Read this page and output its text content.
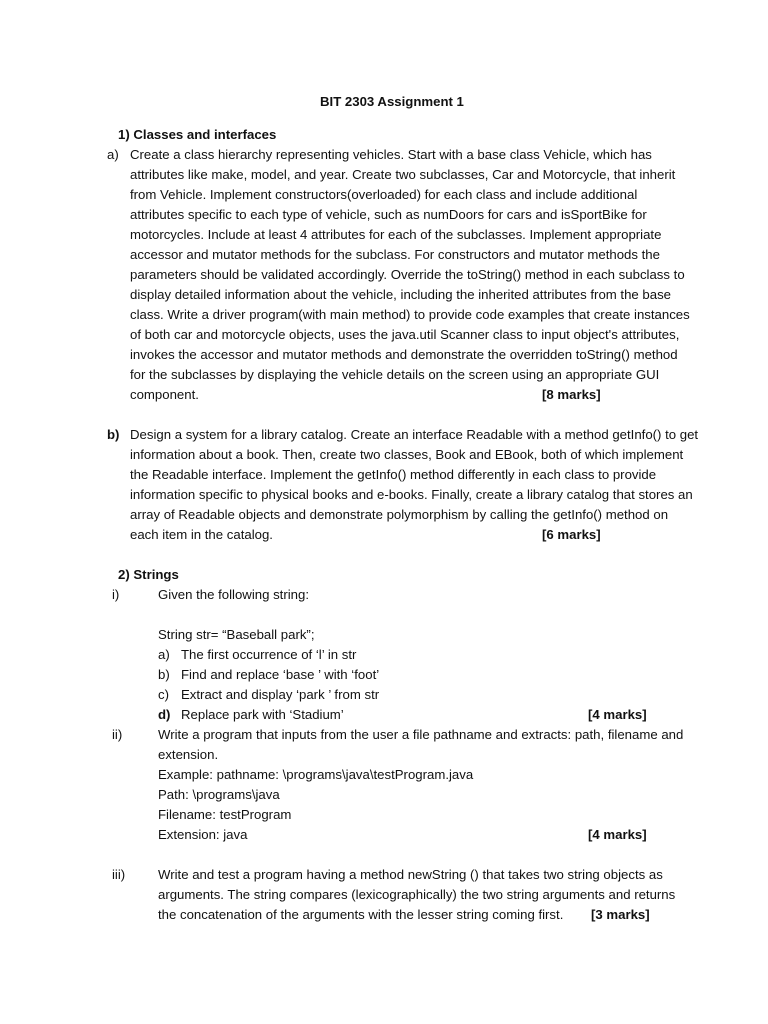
BIT 2303 Assignment 1
1) Classes and interfaces
a) Create a class hierarchy representing vehicles. Start with a base class Vehicle, which has
attributes like make, model, and year. Create two subclasses, Car and Motorcycle, that inherit
from Vehicle. Implement constructors(overloaded) for each class and include additional
attributes specific to each type of vehicle, such as numDoors for cars and isSportBike for
motorcycles. Include at least 4 attributes for each of the subclasses. Implement appropriate
accessor and mutator methods for the subclass. For constructors and mutator methods the
parameters should be validated accordingly. Override the toString() method in each subclass to
display detailed information about the vehicle, including the inherited attributes from the base
class. Write a driver program(with main method) to provide code examples that create instances
of both car and motorcycle objects, uses the java.util Scanner class to input object's attributes,
invokes the accessor and mutator methods and demonstrate the overridden toString() method
for the subclasses by displaying the vehicle details on the screen using an appropriate GUI
component.	[8 marks]
b) Design a system for a library catalog. Create an interface Readable with a method getInfo() to get
information about a book. Then, create two classes, Book and EBook, both of which implement
the Readable interface. Implement the getInfo() method differently in each class to provide
information specific to physical books and e-books. Finally, create a library catalog that stores an
array of Readable objects and demonstrate polymorphism by calling the getInfo() method on
each item in the catalog.	[6 marks]
2) Strings
i)	Given the following string:
String str= “Baseball park”;
a) The first occurrence of ‘l’ in str
b) Find and replace ‘base ’ with ‘foot’
c) Extract and display ‘park ’ from str
d) Replace park with ‘Stadium’	[4 marks]
ii)	Write a program that inputs from the user a file pathname and extracts: path, filename and
extension.
Example: pathname: \programs\java\testProgram.java
Path: \programs\java
Filename: testProgram
Extension: java	[4 marks]
iii) Write and test a program having a method newString () that takes two string objects as
arguments. The string compares (lexicographically) the two string arguments and returns
the concatenation of the arguments with the lesser string coming first. [3 marks]
